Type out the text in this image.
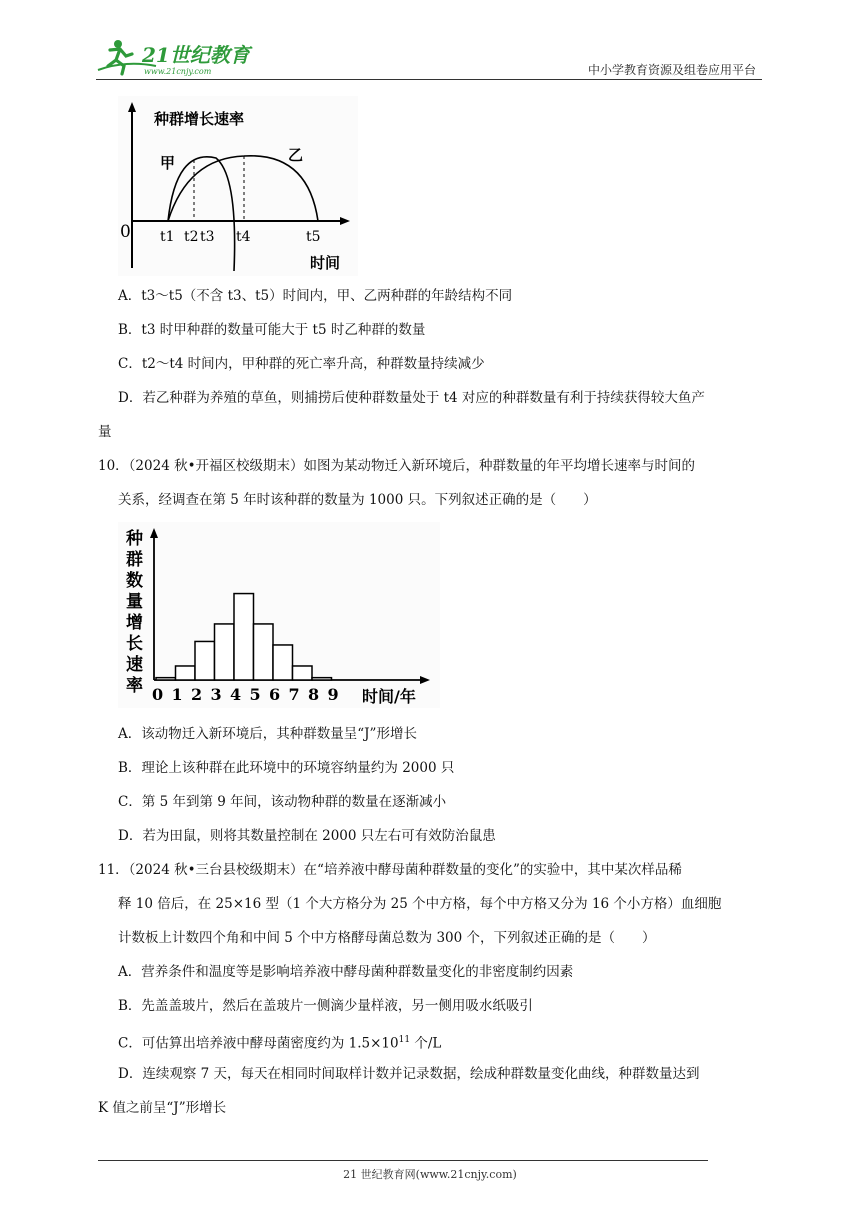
21世纪教育
www.21cnjy.com	中小学教育资源及组卷应用平台
种群增长速率
0
时间
甲	乙
t1 t2 t3 t4	t5
A．t3～t5（不含 t3、t5）时间内，甲、乙两种群的年龄结构不同
B．t3 时甲种群的数量可能大于 t5 时乙种群的数量
C．t2～t4 时间内，甲种群的死亡率升高，种群数量持续减少
D．若乙种群为养殖的草鱼，则捕捞后使种群数量处于 t4 对应的种群数量有利于持续获得较大鱼产
量
10．（2024 秋•开福区校级期末）如图为某动物迁入新环境后，种群数量的年平均增长速率与时间的
关系，经调查在第 5 年时该种群的数量为 1000 只。下列叙述正确的是（　　）
种
群
数
量
增
长
速
率 0 1 2 3 4 5 6 7 8 9 时间/年
A．该动物迁入新环境后，其种群数量呈“J”形增长
B．理论上该种群在此环境中的环境容纳量约为 2000 只
C．第 5 年到第 9 年间，该动物种群的数量在逐渐减小
D．若为田鼠，则将其数量控制在 2000 只左右可有效防治鼠患
11．（2024 秋•三台县校级期末）在“培养液中酵母菌种群数量的变化”的实验中，其中某次样品稀
释 10 倍后，在 25×16 型（1 个大方格分为 25 个中方格，每个中方格又分为 16 个小方格）血细胞
计数板上计数四个角和中间 5 个中方格酵母菌总数为 300 个，下列叙述正确的是（　　）
A．营养条件和温度等是影响培养液中酵母菌种群数量变化的非密度制约因素
B．先盖盖玻片，然后在盖玻片一侧滴少量样液，另一侧用吸水纸吸引
C．可估算出培养液中酵母菌密度约为 $1.5\times 10^{11}$ 个/L
D．连续观察 7 天，每天在相同时间取样计数并记录数据，绘成种群数量变化曲线，种群数量达到
K 值之前呈“J”形增长
21 世纪教育网(www.21cnjy.com)
